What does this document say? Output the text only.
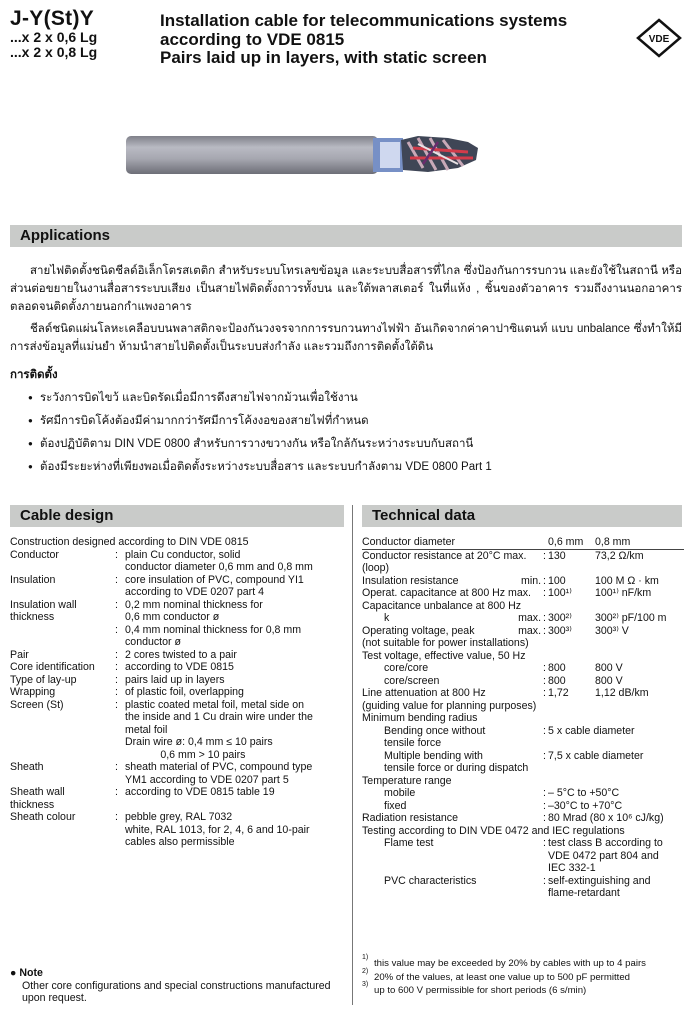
J-Y(St)Y
...x 2 x 0,6 Lg
...x 2 x 0,8 Lg
Installation cable for telecommunications systems
according to VDE 0815
Pairs laid up in layers, with static screen
VDE
Applications

สายไฟติดตั้งชนิดชีลด์อิเล็กโตรสเตติก สำหรับระบบโทรเลขข้อมูล และระบบสื่อสารที่ไกล ซึ่งป้องกันการรบกวน และยังใช้ในสถานี หรือส่วนต่อขยายในงานสื่อสารระบบเสียง เป็นสายไฟติดตั้งถาวรทั้งบน และใต้พลาสเตอร์ ในที่แห้ง , ชิ้นของตัวอาคาร รวมถึงงานนอกอาคารตลอดจนติดตั้งภายนอกกำแพงอาคาร

ชีลด์ชนิดแผ่นโลหะเคลือบบนพลาสติกจะป้องกันวงจรจากการรบกวนทางไฟฟ้า อันเกิดจากค่าคาปาซิแตนท์ แบบ unbalance ซึ่งทำให้มีการส่งข้อมูลที่แม่นยำ ห้ามนำสายไปติดตั้งเป็นระบบส่งกำลัง และรวมถึงการติดตั้งใต้ดิน

การติดตั้ง
● ระวังการบิดไขว้ และบิดรัดเมื่อมีการดึงสายไฟจากม้วนเพื่อใช้งาน
● รัศมีการบิดโค้งต้องมีค่ามากกว่ารัศมีการโค้งงอของสายไฟที่กำหนด
● ต้องปฏิบัติตาม DIN VDE 0800 สำหรับการวางขวางกัน หรือใกล้กันระหว่างระบบกับสถานี
● ต้องมีระยะห่างที่เพียงพอเมื่อติดตั้งระหว่างระบบสื่อสาร และระบบกำลังตาม VDE 0800 Part 1
Cable design	Technical data
Construction designed according to DIN VDE 0815
Conductor	: plain Cu conductor, solid
conductor diameter 0,6 mm and 0,8 mm
Insulation	: core insulation of PVC, compound YI1
according to VDE 0207 part 4
Insulation wall	: 0,2 mm nominal thickness for
thickness	0,6 mm conductor ø
: 0,4 mm nominal thickness for 0,8 mm
conductor ø
Pair	: 2 cores twisted to a pair
Core identification	: according to VDE 0815
Type of lay-up	: pairs laid up in layers
Wrapping	: of plastic foil, overlapping
Screen (St)	: plastic coated metal foil, metal side on
the inside and 1 Cu drain wire under the
metal foil
Drain wire ø: 0,4 mm ≤ 10 pairs
0,6 mm > 10 pairs
Sheath	: sheath material of PVC, compound type
YM1 according to VDE 0207 part 5
Sheath wall	: according to VDE 0815 table 19
thickness
Sheath colour	: pebble grey, RAL 7032
white, RAL 1013, for 2, 4, 6 and 10-pair
cables also permissible
Conductor diameter	0,6 mm	0,8 mm
Conductor resistance at 20°C max. : 130	73,2 Ω/km
(loop)
Insulation resistance	min. : 100	100 M Ω · km
Operat. capacitance at 800 Hz max. : 100¹⁾	100¹⁾ nF/km
Capacitance unbalance at 800 Hz
k	max. : 300²⁾	300²⁾ pF/100 m
Operating voltage, peak	max. : 300³⁾	300³⁾ V
(not suitable for power installations)
Test voltage, effective value, 50 Hz
core/core	: 800	800 V
core/screen	: 800	800 V
Line attenuation at 800 Hz	: 1,72	1,12 dB/km
(guiding value for planning purposes)
Minimum bending radius
Bending once without	: 5 x cable diameter
tensile force
Multiple bending with	: 7,5 x cable diameter
tensile force or during dispatch
Temperature range
mobile	: – 5°C to +50°C
fixed	: –30°C to +70°C
Radiation resistance	: 80 Mrad (80 x 10⁶ cJ/kg)
Testing according to DIN VDE 0472 and IEC regulations
Flame test	: test class B according to
VDE 0472 part 804 and
IEC 332-1
PVC characteristics	: self-extinguishing and
flame-retardant
● Note
Other core configurations and special constructions manufactured upon request.
1)
this value may be exceeded by 20% by cables with up to 4 pairs
2)
20% of the values, at least one value up to 500 pF permitted
3)
up to 600 V permissible for short periods (6 s/min)
